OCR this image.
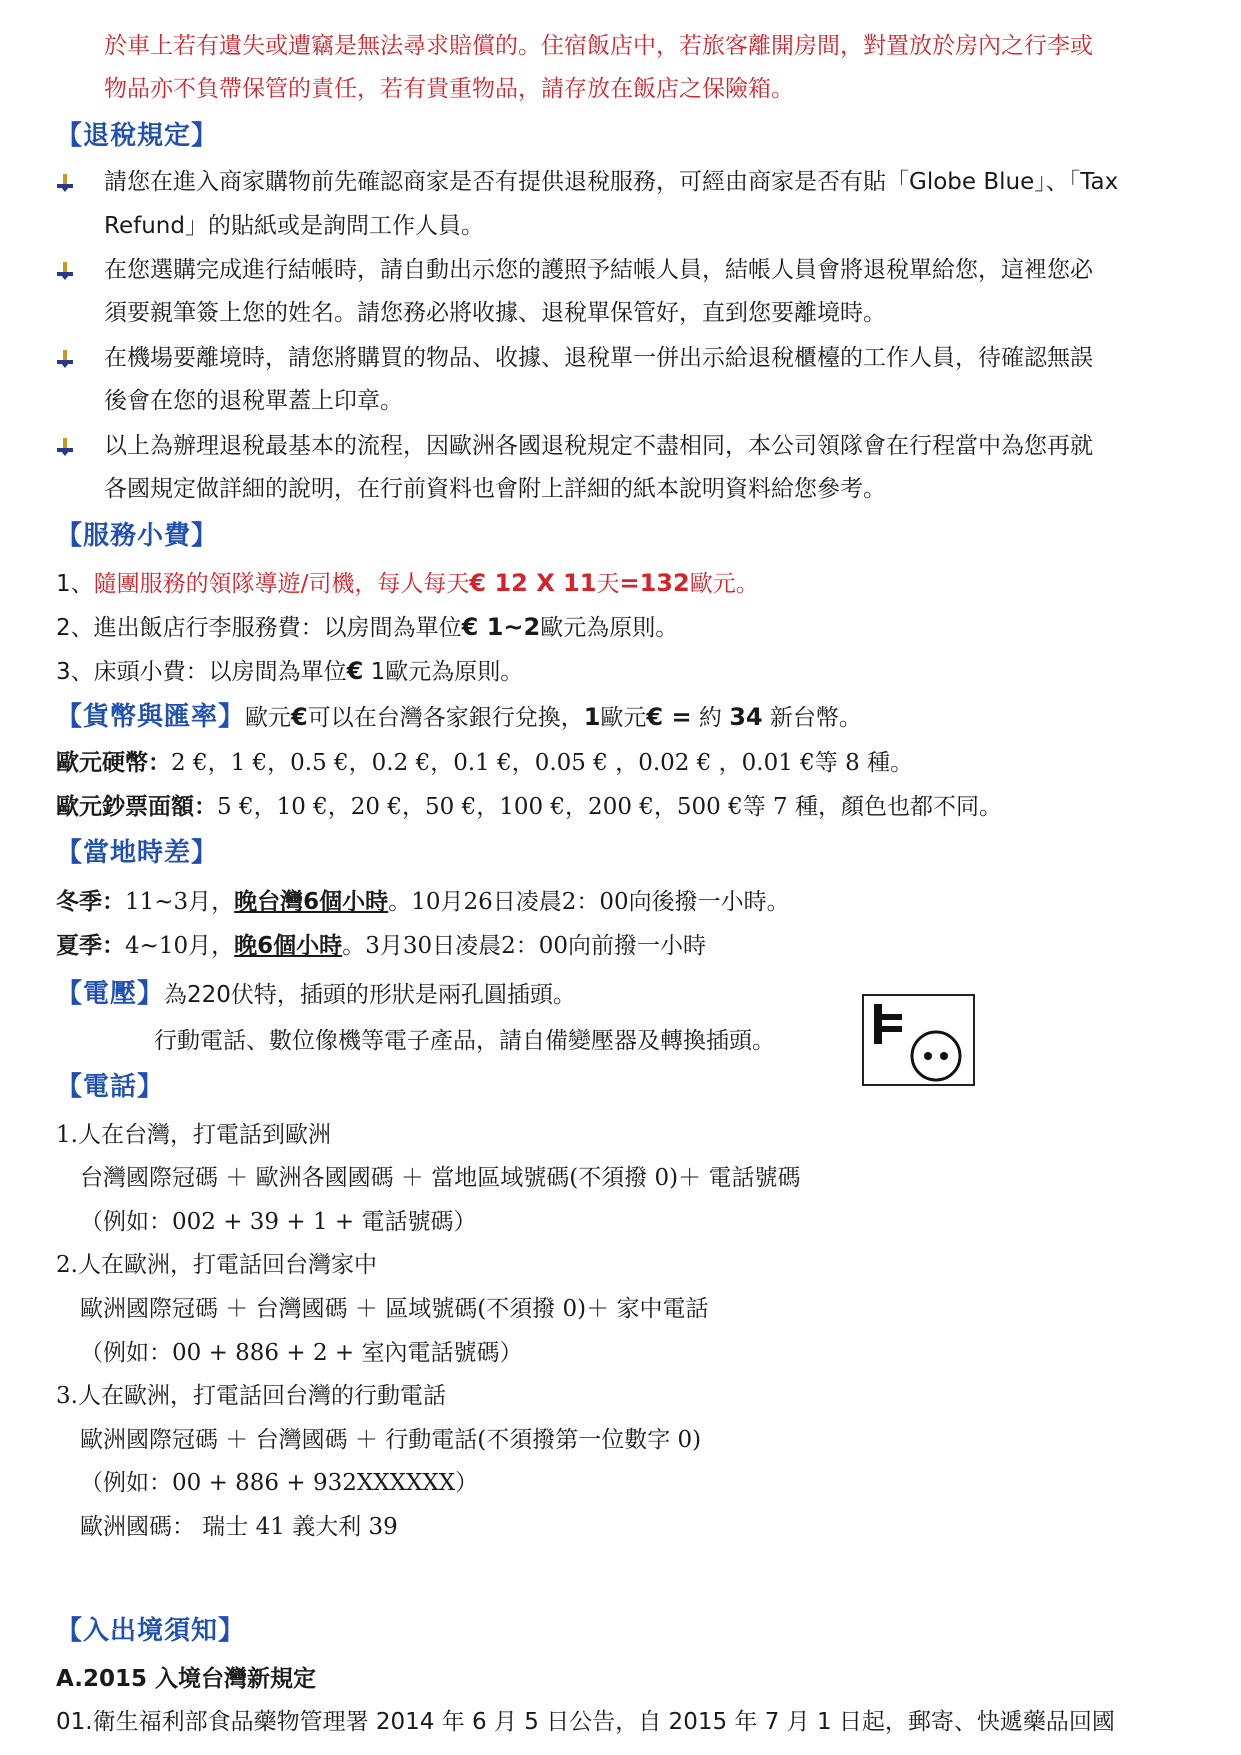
於車上若有遺失或遭竊是無法尋求賠償的。住宿飯店中，若旅客離開房間，對置放於房內之行李或
物品亦不負帶保管的責任，若有貴重物品，請存放在飯店之保險箱。
【退稅規定】
請您在進入商家購物前先確認商家是否有提供退稅服務，可經由商家是否有貼「Globe Blue」、「Tax
Refund」的貼紙或是詢問工作人員。
在您選購完成進行結帳時，請自動出示您的護照予結帳人員，結帳人員會將退稅單給您，這裡您必
須要親筆簽上您的姓名。請您務必將收據、退稅單保管好，直到您要離境時。
在機場要離境時，請您將購買的物品、收據、退稅單一併出示給退稅櫃檯的工作人員，待確認無誤
後會在您的退稅單蓋上印章。
以上為辦理退稅最基本的流程，因歐洲各國退稅規定不盡相同，本公司領隊會在行程當中為您再就
各國規定做詳細的說明，在行前資料也會附上詳細的紙本說明資料給您參考。
【服務小費】
1、隨團服務的領隊導遊/司機，每人每天€ 12 X 11天=132歐元。
2、進出飯店行李服務費：以房間為單位€ 1~2歐元為原則。
3、床頭小費：以房間為單位€ 1歐元為原則。
【貨幣與匯率】歐元€可以在台灣各家銀行兌換，1歐元€ = 約 34 新台幣。
歐元硬幣：2 €，1 €，0.5 €，0.2 €，0.1 €，0.05 € ，0.02 € ，0.01 €等 8 種。
歐元鈔票面額：5 €，10 €，20 €，50 €，100 €，200 €，500 €等 7 種，顏色也都不同。
【當地時差】
冬季：11~3月，晚台灣6個小時。10月26日凌晨2：00向後撥一小時。
夏季：4~10月，晚6個小時。3月30日凌晨2：00向前撥一小時
【電壓】為220伏特，插頭的形狀是兩孔圓插頭。
行動電話、數位像機等電子產品，請自備變壓器及轉換插頭。
【電話】
1.人在台灣，打電話到歐洲
台灣國際冠碼 ＋ 歐洲各國國碼 ＋ 當地區域號碼(不須撥 0)＋ 電話號碼
（例如：002 + 39 + 1 + 電話號碼）
2.人在歐洲，打電話回台灣家中
歐洲國際冠碼 ＋ 台灣國碼 ＋ 區域號碼(不須撥 0)＋ 家中電話
（例如：00 + 886 + 2 + 室內電話號碼）
3.人在歐洲，打電話回台灣的行動電話
歐洲國際冠碼 ＋ 台灣國碼 ＋ 行動電話(不須撥第一位數字 0)
（例如：00 + 886 + 932XXXXXX）
歐洲國碼： 瑞士 41 義大利 39
【入出境須知】
A.2015 入境台灣新規定
01.衛生福利部食品藥物管理署 2014 年 6 月 5 日公告，自 2015 年 7 月 1 日起，郵寄、快遞藥品回國
